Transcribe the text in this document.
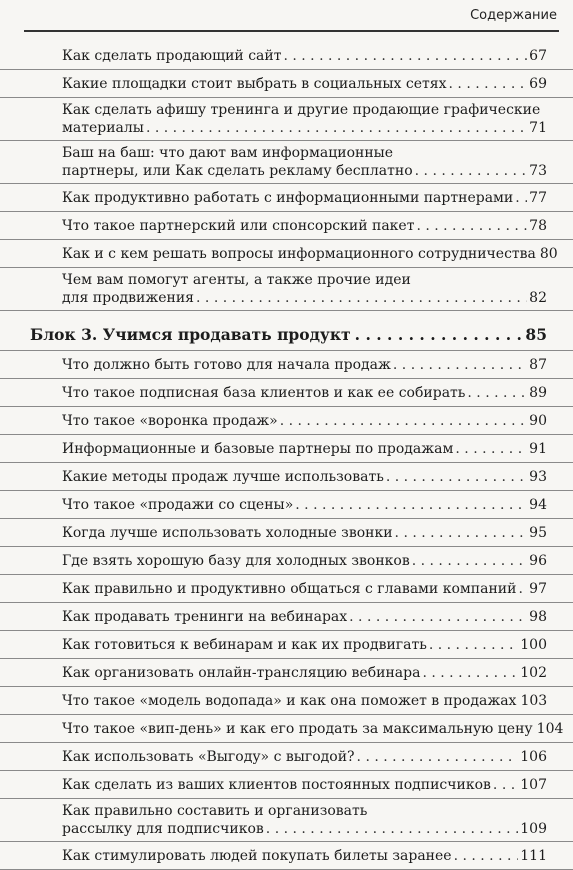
Содержание
Как сделать продающий сайт . . .	67
Какие площадки стоит выбрать в социальных сетях . . .	69
Как сделать афишу тренинга и другие продающие графические
материалы . . .	71
Баш на баш: что дают вам информационные
партнеры, или Как сделать рекламу бесплатно . . .	73
Как продуктивно работать с информационными партнерами . . . 77
Что такое партнерский или спонсорский пакет . . .	78
Как и с кем решать вопросы информационного сотрудничества 80
Чем вам помогут агенты, а также прочие идеи
для продвижения . . .	82
Блок 3. Учимся продавать продукт . . .	85
Что должно быть готово для начала продаж . . .	87
Что такое подписная база клиентов и как ее собирать . . .	89
Что такое «воронка продаж» . . .	90
Информационные и базовые партнеры по продажам . . .	91
Какие методы продаж лучше использовать . . .	93
Что такое «продажи со сцены» . . .	94
Когда лучше использовать холодные звонки . . .	95
Где взять хорошую базу для холодных звонков . . .	96
Как правильно и продуктивно общаться с главами компаний . . . 97
Как продавать тренинги на вебинарах . . .	98
Как готовиться к вебинарам и как их продвигать . . .	100
Как организовать онлайн-трансляцию вебинара . . .	102
Что такое «модель водопада» и как она поможет в продажах 103
Что такое «вип-день» и как его продать за максимальную цену 104
Как использовать «Выгоду» с выгодой? . . .	106
Как сделать из ваших клиентов постоянных подписчиков . . . 107
Как правильно составить и организовать
рассылку для подписчиков . . .	109
Как стимулировать людей покупать билеты заранее . . .	111
